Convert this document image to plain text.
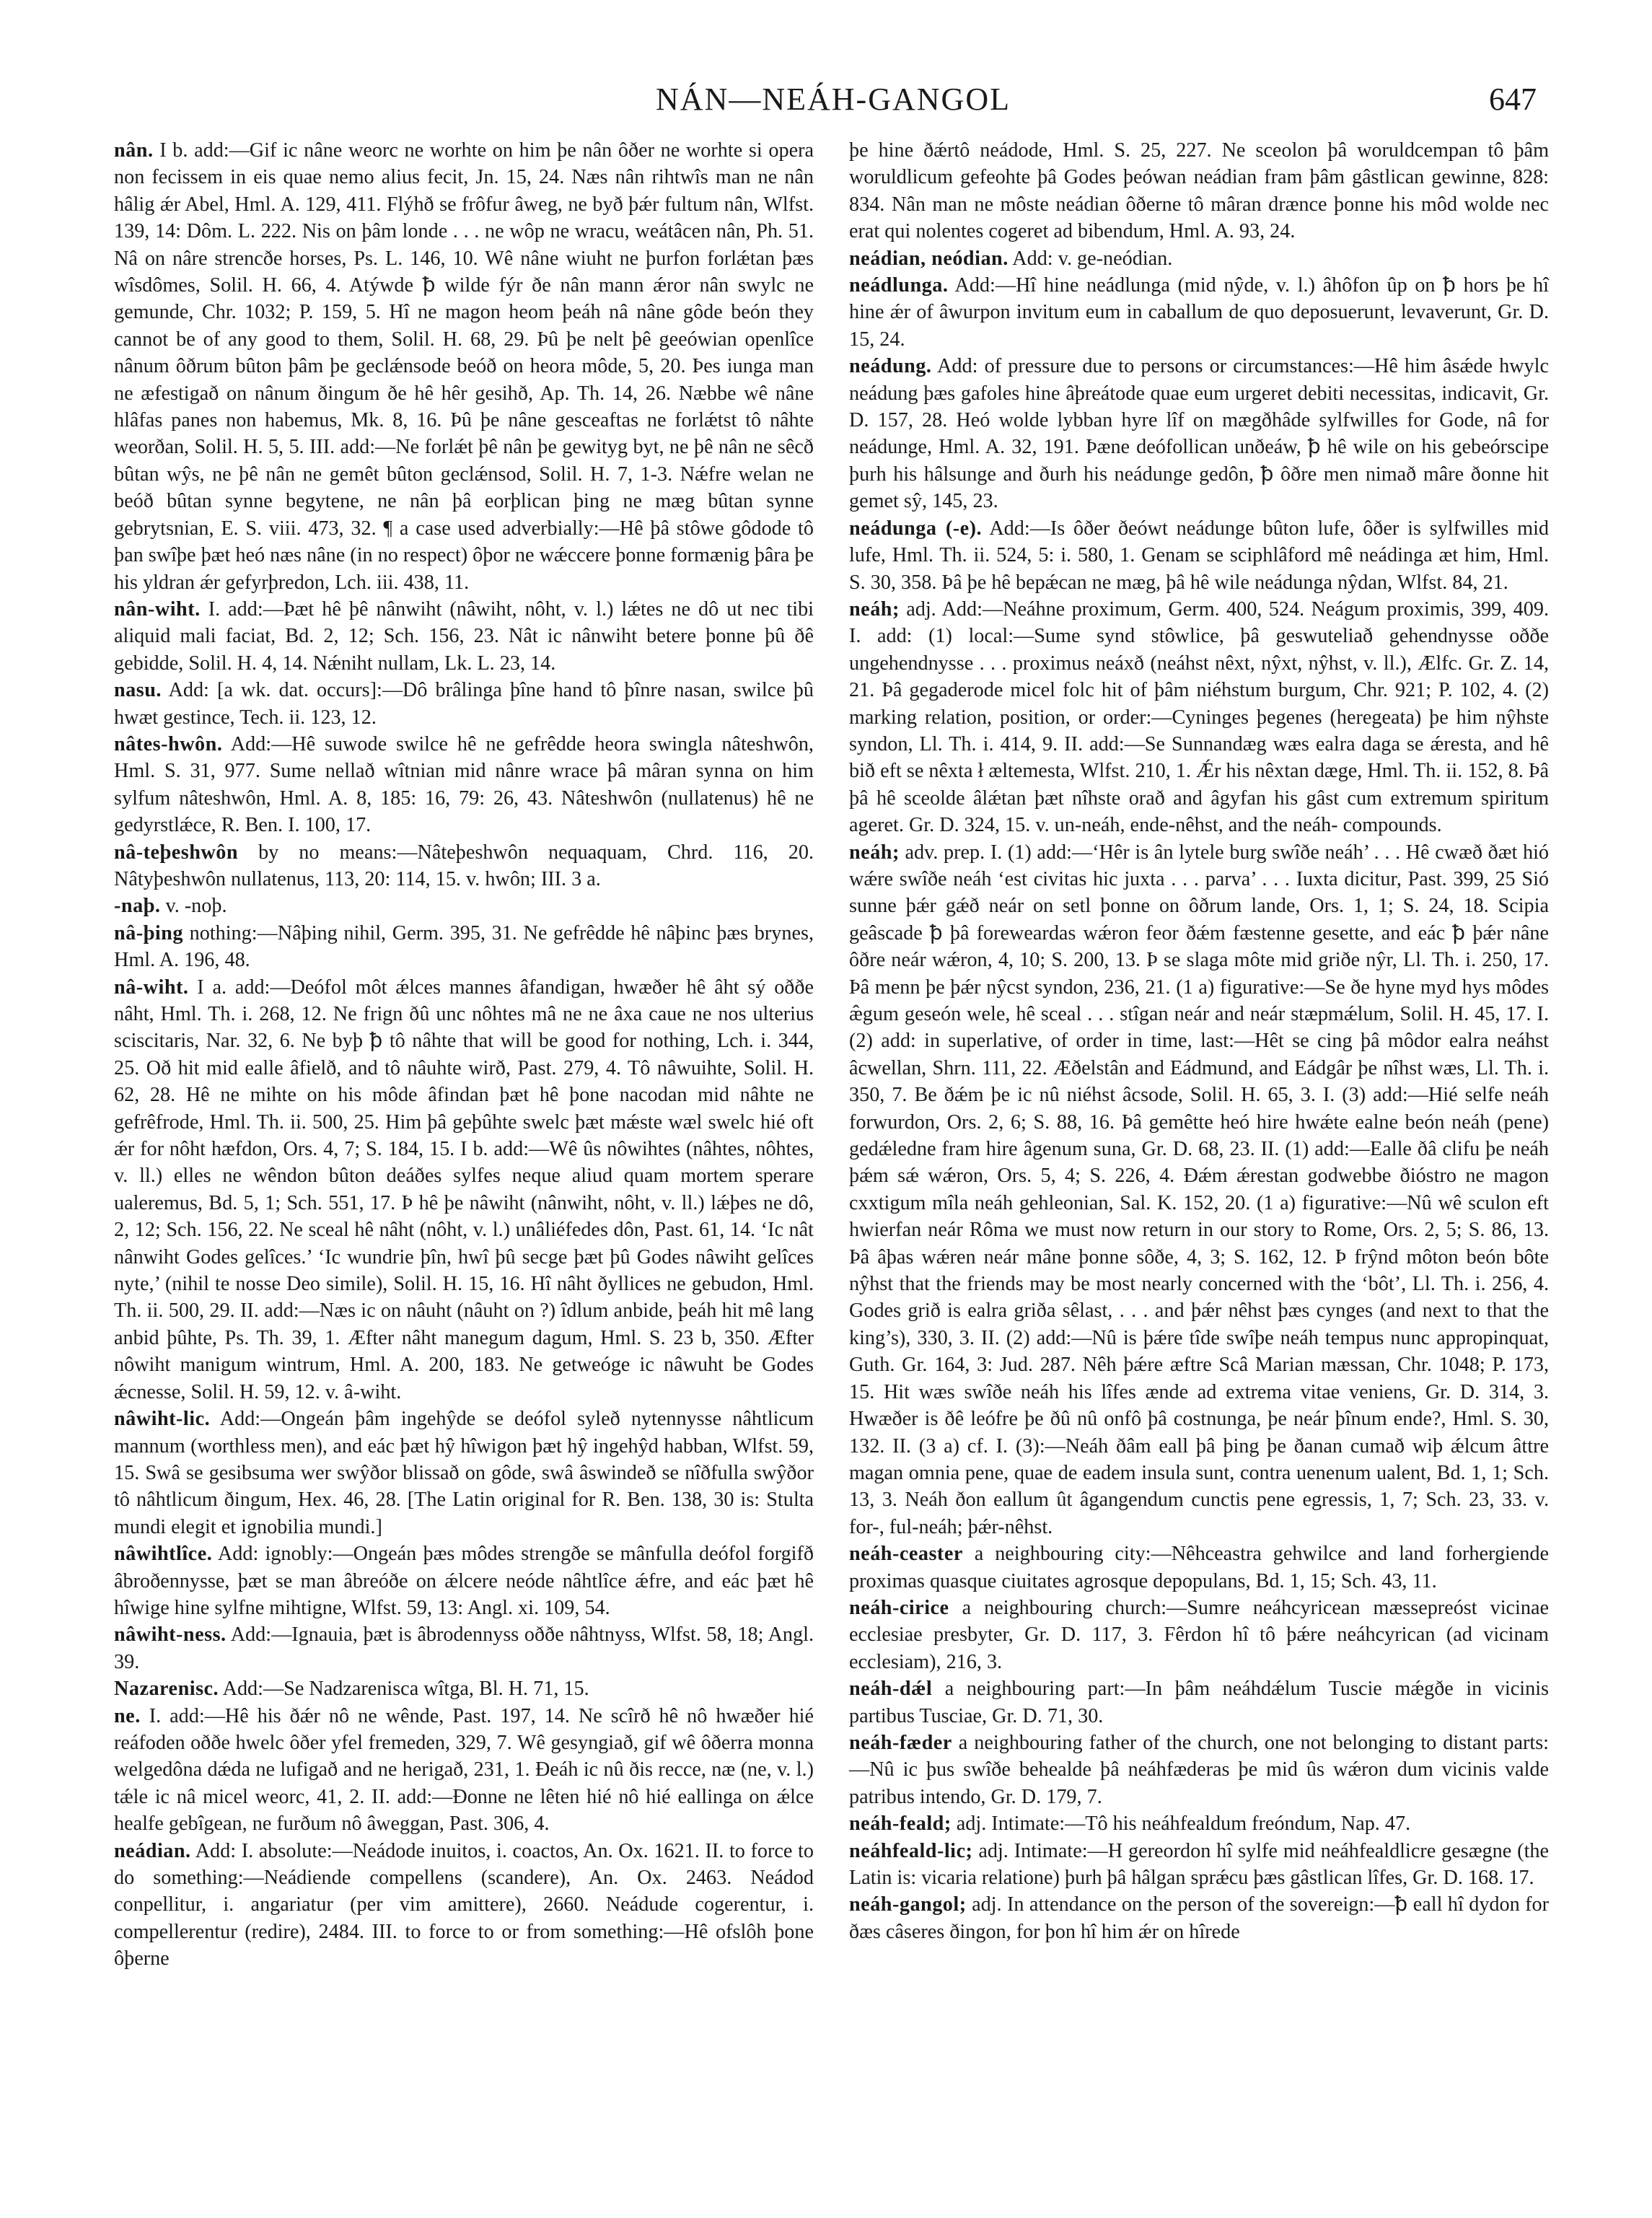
NÁN—NEÁH-GANGOL	647

nân. I b. add:—Gif ic nâne weorc ne worhte on him þe nân ôðer ne worhte si opera non fecissem in eis quae nemo alius fecit, Jn. 15, 24. Næs nân rihtwîs man ne nân hâlig ǽr Abel, Hml. A. 129, 411. Flýhð se frôfur âweg, ne byð þǽr fultum nân, Wlfst. 139, 14: Dôm. L. 222. Nis on þâm londe . . . ne wôp ne wracu, weátâcen nân, Ph. 51. Nâ on nâre strencðe horses, Ps. L. 146, 10. Wê nâne wiuht ne þurfon forlǽtan þæs wîsdômes, Solil. H. 66, 4. Atýwde ꝥ wilde fýr ðe nân mann ǽror nân swylc ne gemunde, Chr. 1032; P. 159, 5. Hî ne magon heom þeáh nâ nâne gôde beón they cannot be of any good to them, Solil. H. 68, 29. Þû þe nelt þê geeówian openlîce nânum ôðrum bûton þâm þe geclǽnsode beóð on heora môde, 5, 20. Þes iunga man ne æfestigað on nânum ðingum ðe hê hêr gesihð, Ap. Th. 14, 26. Næbbe wê nâne hlâfas panes non habemus, Mk. 8, 16. Þû þe nâne gesceaftas ne forlǽtst tô nâhte weorðan, Solil. H. 5, 5. III. add:—Ne forlǽt þê nân þe gewityg byt, ne þê nân ne sêcð bûtan wŷs, ne þê nân ne gemêt bûton geclǽnsod, Solil. H. 7, 1-3. Nǽfre welan ne beóð bûtan synne begytene, ne nân þâ eorþlican þing ne mæg bûtan synne gebrytsnian, E. S. viii. 473, 32. ¶ a case used adverbially:—Hê þâ stôwe gôdode tô þan swîþe þæt heó næs nâne (in no respect) ôþor ne wǽccere þonne formænig þâra þe his yldran ǽr gefyrþredon, Lch. iii. 438, 11.

nân-wiht. I. add:—Þæt hê þê nânwiht (nâwiht, nôht, v. l.) lǽtes ne dô ut nec tibi aliquid mali faciat, Bd. 2, 12; Sch. 156, 23. Nât ic nânwiht betere þonne þû ðê gebidde, Solil. H. 4, 14. Nǽniht nullam, Lk. L. 23, 14.

nasu. Add: [a wk. dat. occurs]:—Dô brâlinga þîne hand tô þînre nasan, swilce þû hwæt gestince, Tech. ii. 123, 12.

nâtes-hwôn. Add:—Hê suwode swilce hê ne gefrêdde heora swingla nâteshwôn, Hml. S. 31, 977. Sume nellað wîtnian mid nânre wrace þâ mâran synna on him sylfum nâteshwôn, Hml. A. 8, 185: 16, 79: 26, 43. Nâteshwôn (nullatenus) hê ne gedyrstlǽce, R. Ben. I. 100, 17.

nâ-teþeshwôn by no means:—Nâteþeshwôn nequaquam, Chrd. 116, 20. Nâtyþeshwôn nullatenus, 113, 20: 114, 15. v. hwôn; III. 3 a.

-naþ. v. -noþ.

nâ-þing nothing:—Nâþing nihil, Germ. 395, 31. Ne gefrêdde hê nâþinc þæs brynes, Hml. A. 196, 48.

nâ-wiht. I a. add:—Deófol môt ǽlces mannes âfandigan, hwæðer hê âht sý oððe nâht, Hml. Th. i. 268, 12. Ne frign ðû unc nôhtes mâ ne ne âxa caue ne nos ulterius sciscitaris, Nar. 32, 6. Ne byþ ꝥ tô nâhte that will be good for nothing, Lch. i. 344, 25. Oð hit mid ealle âfielð, and tô nâuhte wirð, Past. 279, 4. Tô nâwuihte, Solil. H. 62, 28. Hê ne mihte on his môde âfindan þæt hê þone nacodan mid nâhte ne gefrêfrode, Hml. Th. ii. 500, 25. Him þâ geþûhte swelc þæt mǽste wæl swelc hié oft ǽr for nôht hæfdon, Ors. 4, 7; S. 184, 15. I b. add:—Wê ûs nôwihtes (nâhtes, nôhtes, v. ll.) elles ne wêndon bûton deáðes sylfes neque aliud quam mortem sperare ualeremus, Bd. 5, 1; Sch. 551, 17. Þ hê þe nâwiht (nânwiht, nôht, v. ll.) lǽþes ne dô, 2, 12; Sch. 156, 22. Ne sceal hê nâht (nôht, v. l.) unâliéfedes dôn, Past. 61, 14. ‘Ic nât nânwiht Godes gelîces.’ ‘Ic wundrie þîn, hwî þû secge þæt þû Godes nâwiht gelîces nyte,’ (nihil te nosse Deo simile), Solil. H. 15, 16. Hî nâht ðyllices ne gebudon, Hml. Th. ii. 500, 29. II. add:—Næs ic on nâuht (nâuht on ?) îdlum anbide, þeáh hit mê lang anbid þûhte, Ps. Th. 39, 1. Æfter nâht manegum dagum, Hml. S. 23 b, 350. Æfter nôwiht manigum wintrum, Hml. A. 200, 183. Ne getweóge ic nâwuht be Godes ǽcnesse, Solil. H. 59, 12. v. â-wiht.

nâwiht-lic. Add:—Ongeán þâm ingehŷde se deófol syleð nytennysse nâhtlicum mannum (worthless men), and eác þæt hŷ hîwigon þæt hŷ ingehŷd habban, Wlfst. 59, 15. Swâ se gesibsuma wer swŷðor blissað on gôde, swâ âswindeð se nîðfulla swŷðor tô nâhtlicum ðingum, Hex. 46, 28. [The Latin original for R. Ben. 138, 30 is: Stulta mundi elegit et ignobilia mundi.]

nâwihtlîce. Add: ignobly:—Ongeán þæs môdes strengðe se mânfulla deófol forgifð âbroðennysse, þæt se man âbreóðe on ǽlcere neóde nâhtlîce ǽfre, and eác þæt hê hîwige hine sylfne mihtigne, Wlfst. 59, 13: Angl. xi. 109, 54.

nâwiht-ness. Add:—Ignauia, þæt is âbrodennyss oððe nâhtnyss, Wlfst. 58, 18; Angl. 39.

Nazarenisc. Add:—Se Nadzarenisca wîtga, Bl. H. 71, 15.

ne. I. add:—Hê his ðǽr nô ne wênde, Past. 197, 14. Ne scîrð hê nô hwæðer hié reáfoden oððe hwelc ôðer yfel fremeden, 329, 7. Wê gesyngiað, gif wê ôðerra monna welgedôna dǽda ne lufigað and ne herigað, 231, 1. Ðeáh ic nû ðis recce, næ (ne, v. l.) tǽle ic nâ micel weorc, 41, 2. II. add:—Ðonne ne lêten hié nô hié eallinga on ǽlce healfe gebîgean, ne furðum nô âweggan, Past. 306, 4.

neádian. Add: I. absolute:—Neádode inuitos, i. coactos, An. Ox. 1621. II. to force to do something:—Neádiende compellens (scandere), An. Ox. 2463. Neádod conpellitur, i. angariatur (per vim amittere), 2660. Neádude cogerentur, i. compellerentur (redire), 2484. III. to force to or from something:—Hê ofslôh þone ôþerne

þe hine ðǽrtô neádode, Hml. S. 25, 227. Ne sceolon þâ woruldcempan tô þâm woruldlicum gefeohte þâ Godes þeówan neádian fram þâm gâstlican gewinne, 828: 834. Nân man ne môste neádian ôðerne tô mâran drænce þonne his môd wolde nec erat qui nolentes cogeret ad bibendum, Hml. A. 93, 24.

neádian, neódian. Add: v. ge-neódian.

neádlunga. Add:—Hî hine neádlunga (mid nŷde, v. l.) âhôfon ûp on ꝥ hors þe hî hine ǽr of âwurpon invitum eum in caballum de quo deposuerunt, levaverunt, Gr. D. 15, 24.

neádung. Add: of pressure due to persons or circumstances:—Hê him âsǽde hwylc neádung þæs gafoles hine âþreátode quae eum urgeret debiti necessitas, indicavit, Gr. D. 157, 28. Heó wolde lybban hyre lîf on mægðhâde sylfwilles for Gode, nâ for neádunge, Hml. A. 32, 191. Þæne deófollican unðeáw, ꝥ hê wile on his gebeórscipe þurh his hâlsunge and ðurh his neádunge gedôn, ꝥ ôðre men nimað mâre ðonne hit gemet sŷ, 145, 23.

neádunga (-e). Add:—Is ôðer ðeówt neádunge bûton lufe, ôðer is sylfwilles mid lufe, Hml. Th. ii. 524, 5: i. 580, 1. Genam se sciphlâford mê neádinga æt him, Hml. S. 30, 358. Þâ þe hê bepǽcan ne mæg, þâ hê wile neádunga nŷdan, Wlfst. 84, 21.

neáh; adj. Add:—Neáhne proximum, Germ. 400, 524. Neágum proximis, 399, 409. I. add: (1) local:—Sume synd stôwlice, þâ geswuteliað gehendnysse oððe ungehendnysse . . . proximus neáxð (neáhst nêxt, nŷxt, nŷhst, v. ll.), Ælfc. Gr. Z. 14, 21. Þâ gegaderode micel folc hit of þâm niéhstum burgum, Chr. 921; P. 102, 4. (2) marking relation, position, or order:—Cyninges þegenes (heregeata) þe him nŷhste syndon, Ll. Th. i. 414, 9. II. add:—Se Sunnandæg wæs ealra daga se ǽresta, and hê bið eft se nêxta ł æltemesta, Wlfst. 210, 1. Ǽr his nêxtan dæge, Hml. Th. ii. 152, 8. Þâ þâ hê sceolde âlǽtan þæt nîhste orað and âgyfan his gâst cum extremum spiritum ageret. Gr. D. 324, 15. v. un-neáh, ende-nêhst, and the neáh- compounds.

neáh; adv. prep. I. (1) add:—‘Hêr is ân lytele burg swîðe neáh’ . . . Hê cwæð ðæt hió wǽre swîðe neáh ‘est civitas hic juxta . . . parva’ . . . Iuxta dicitur, Past. 399, 25 Sió sunne þǽr gǽð neár on setl þonne on ôðrum lande, Ors. 1, 1; S. 24, 18. Scipia geâscade ꝥ þâ foreweardas wǽron feor ðǽm fæstenne gesette, and eác ꝥ þǽr nâne ôðre neár wǽron, 4, 10; S. 200, 13. Þ se slaga môte mid griðe nŷr, Ll. Th. i. 250, 17. Þâ menn þe þǽr nŷcst syndon, 236, 21. (1 a) figurative:—Se ðe hyne myd hys môdes æ̂gum geseón wele, hê sceal . . . stîgan neár and neár stæpmǽlum, Solil. H. 45, 17. I. (2) add: in superlative, of order in time, last:—Hêt se cing þâ môdor ealra neáhst âcwellan, Shrn. 111, 22. Æðelstân and Eádmund, and Eádgâr þe nîhst wæs, Ll. Th. i. 350, 7. Be ðǽm þe ic nû niéhst âcsode, Solil. H. 65, 3. I. (3) add:—Hié selfe neáh forwurdon, Ors. 2, 6; S. 88, 16. Þâ gemêtte heó hire hwǽte ealne beón neáh (pene) gedǽledne fram hire âgenum suna, Gr. D. 68, 23. II. (1) add:—Ealle ðâ clifu þe neáh þǽm sǽ wǽron, Ors. 5, 4; S. 226, 4. Ðǽm ǽrestan godwebbe ðióstro ne magon cxxtigum mîla neáh gehleonian, Sal. K. 152, 20. (1 a) figurative:—Nû wê sculon eft hwierfan neár Rôma we must now return in our story to Rome, Ors. 2, 5; S. 86, 13. Þâ âþas wǽren neár mâne þonne sôðe, 4, 3; S. 162, 12. Þ frŷnd môton beón bôte nŷhst that the friends may be most nearly concerned with the ‘bôt’, Ll. Th. i. 256, 4. Godes grið is ealra griða sêlast, . . . and þǽr nêhst þæs cynges (and next to that the king’s), 330, 3. II. (2) add:—Nû is þǽre tîde swîþe neáh tempus nunc appropinquat, Guth. Gr. 164, 3: Jud. 287. Nêh þǽre æftre Scâ Marian mæssan, Chr. 1048; P. 173, 15. Hit wæs swîðe neáh his lîfes ænde ad extrema vitae veniens, Gr. D. 314, 3. Hwæðer is ðê leófre þe ðû nû onfô þâ costnunga, þe neár þînum ende?, Hml. S. 30, 132. II. (3 a) cf. I. (3):—Neáh ðâm eall þâ þing þe ðanan cumað wiþ ǽlcum âttre magan omnia pene, quae de eadem insula sunt, contra uenenum ualent, Bd. 1, 1; Sch. 13, 3. Neáh ðon eallum ût âgangendum cunctis pene egressis, 1, 7; Sch. 23, 33. v. for-, ful-neáh; þǽr-nêhst.

neáh-ceaster a neighbouring city:—Nêhceastra gehwilce and land forhergiende proximas quasque ciuitates agrosque depopulans, Bd. 1, 15; Sch. 43, 11.

neáh-cirice a neighbouring church:—Sumre neáhcyricean mæssepreóst vicinae ecclesiae presbyter, Gr. D. 117, 3. Fêrdon hî tô þǽre neáhcyrican (ad vicinam ecclesiam), 216, 3.

neáh-dǽl a neighbouring part:—In þâm neáhdǽlum Tuscie mǽgðe in vicinis partibus Tusciae, Gr. D. 71, 30.

neáh-fæder a neighbouring father of the church, one not belonging to distant parts:—Nû ic þus swîðe behealde þâ neáhfæderas þe mid ûs wǽron dum vicinis valde patribus intendo, Gr. D. 179, 7.

neáh-feald; adj. Intimate:—Tô his neáhfealdum freóndum, Nap. 47.

neáhfeald-lic; adj. Intimate:—H gereordon hî sylfe mid neáhfealdlicre gesægne (the Latin is: vicaria relatione) þurh þâ hâlgan sprǽcu þæs gâstlican lîfes, Gr. D. 168. 17.

neáh-gangol; adj. In attendance on the person of the sovereign:—ꝥ eall hî dydon for ðæs câseres ðingon, for þon hî him ǽr on hîrede
